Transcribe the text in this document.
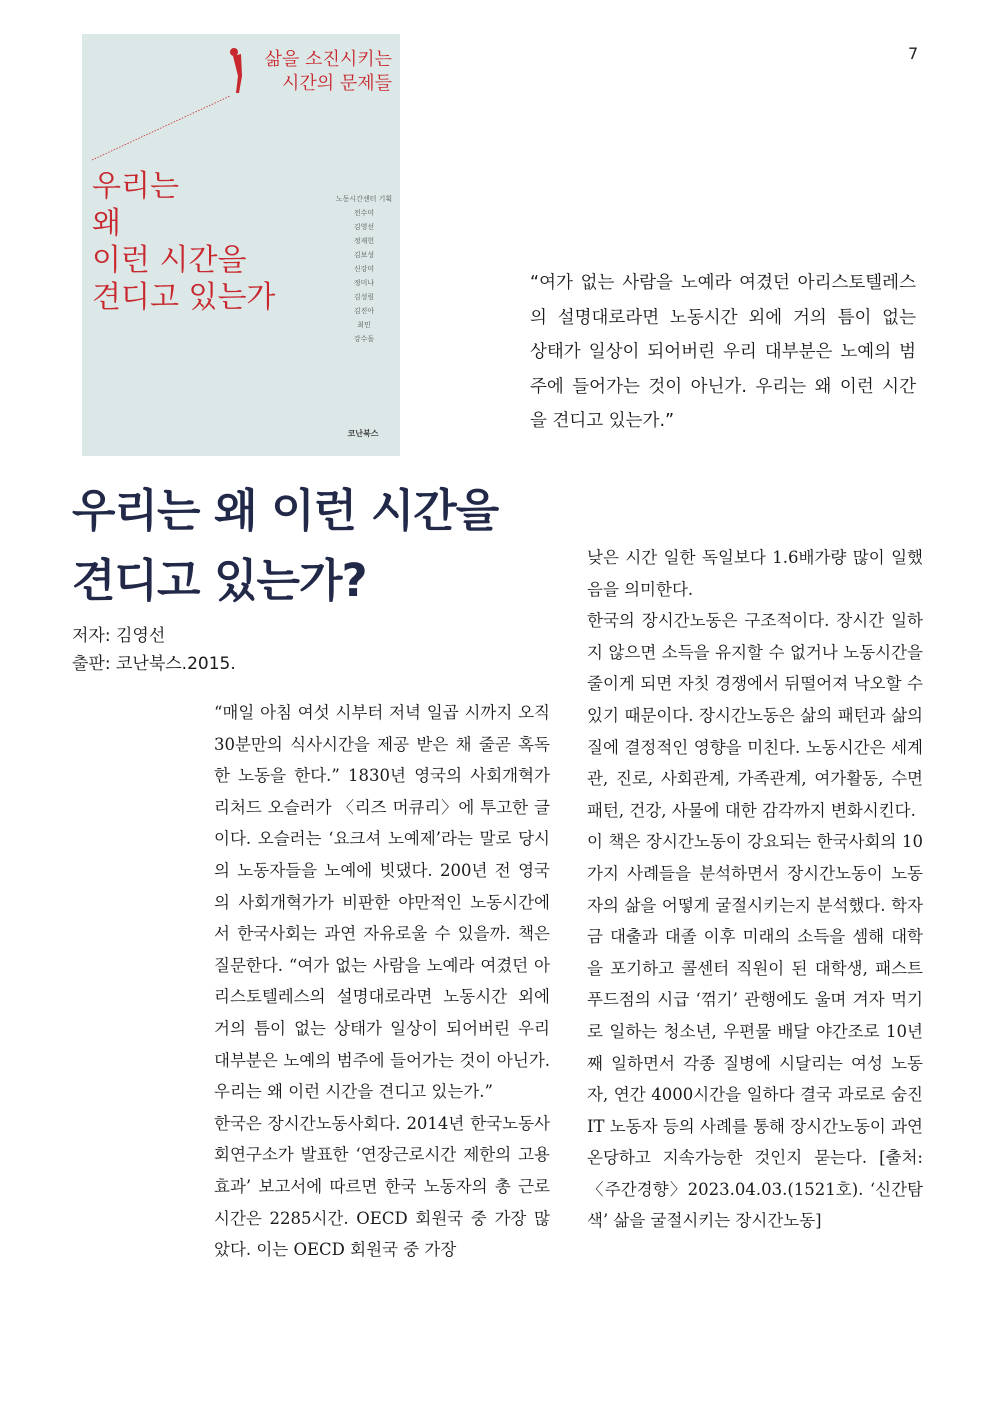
7
삶을 소진시키는
시간의 문제들
우리는
왜
이런 시간을
견디고 있는가
노동시간센터 기획
전수미
김영선
정재헌
김보성
신강미
정미나
김성림
김진아
최민
강수돌
코난북스
“여가 없는 사람을 노예라 여겼던 아리스토텔레스
의 설명대로라면 노동시간 외에 거의 틈이 없는
상태가 일상이 되어버린 우리 대부분은 노예의 범
주에 들어가는 것이 아닌가. 우리는 왜 이런 시간
을 견디고 있는가.”
우리는 왜 이런 시간을
견디고 있는가?
저자: 김영선
출판: 코난북스.2015.

“매일 아침 여섯 시부터 저녁 일곱 시까지 오직 30분만의 식사시간을 제공 받은 채 줄곧 혹독한 노동을 한다.” 1830년 영국의 사회개혁가 리처드 오슬러가 〈리즈 머큐리〉에 투고한 글이다. 오슬러는 ‘요크셔 노예제’라는 말로 당시의 노동자들을 노예에 빗댔다. 200년 전 영국의 사회개혁가가 비판한 야만적인 노동시간에서 한국사회는 과연 자유로울 수 있을까. 책은 질문한다. “여가 없는 사람을 노예라 여겼던 아리스토텔레스의 설명대로라면 노동시간 외에 거의 틈이 없는 상태가 일상이 되어버린 우리 대부분은 노예의 범주에 들어가는 것이 아닌가. 우리는 왜 이런 시간을 견디고 있는가.”

한국은 장시간노동사회다. 2014년 한국노동사회연구소가 발표한 ‘연장근로시간 제한의 고용효과’ 보고서에 따르면 한국 노동자의 총 근로시간은 2285시간. OECD 회원국 중 가장 많았다. 이는 OECD 회원국 중 가장

낮은 시간 일한 독일보다 1.6배가량 많이 일했음을 의미한다.

한국의 장시간노동은 구조적이다. 장시간 일하지 않으면 소득을 유지할 수 없거나 노동시간을 줄이게 되면 자칫 경쟁에서 뒤떨어져 낙오할 수 있기 때문이다. 장시간노동은 삶의 패턴과 삶의 질에 결정적인 영향을 미친다. 노동시간은 세계관, 진로, 사회관계, 가족관계, 여가활동, 수면패턴, 건강, 사물에 대한 감각까지 변화시킨다.

이 책은 장시간노동이 강요되는 한국사회의 10가지 사례들을 분석하면서 장시간노동이 노동자의 삶을 어떻게 굴절시키는지 분석했다. 학자금 대출과 대졸 이후 미래의 소득을 셈해 대학을 포기하고 콜센터 직원이 된 대학생, 패스트푸드점의 시급 ‘꺾기’ 관행에도 울며 겨자 먹기로 일하는 청소년, 우편물 배달 야간조로 10년째 일하면서 각종 질병에 시달리는 여성 노동자, 연간 4000시간을 일하다 결국 과로로 숨진 IT 노동자 등의 사례를 통해 장시간노동이 과연 온당하고 지속가능한 것인지 묻는다. [출처: 〈주간경향〉2023.04.03.(1521호). ‘신간탐색’ 삶을 굴절시키는 장시간노동]
